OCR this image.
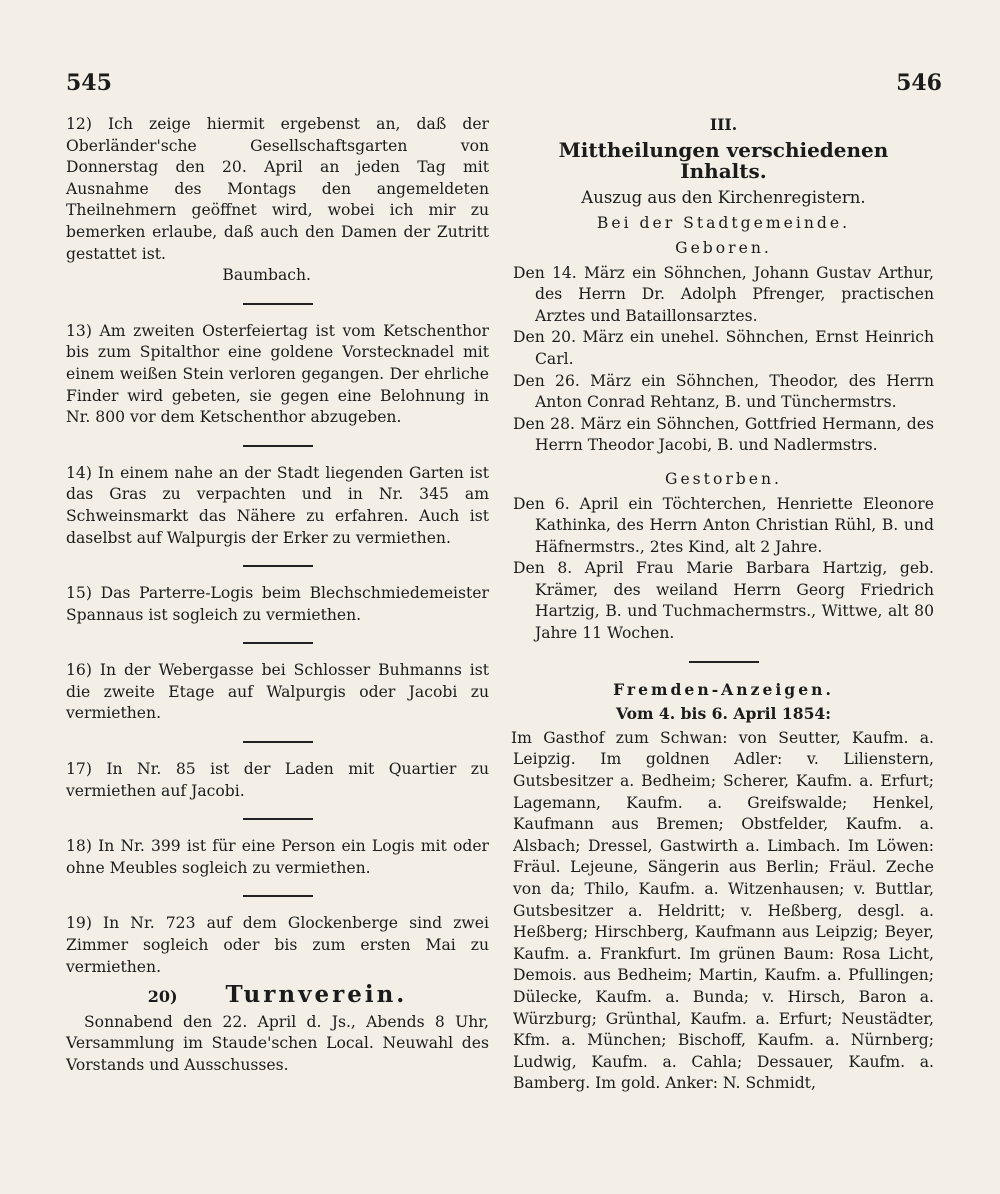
545	546
12) Ich zeige hiermit ergebenst an, daß der Oberländer'sche Gesellschaftsgarten von Donnerstag den 20. April an jeden Tag mit Ausnahme des Montags den angemeldeten Theilnehmern geöffnet wird, wobei ich mir zu bemerken erlaube, daß auch den Damen der Zutritt gestattet ist.
Baumbach.
13) Am zweiten Osterfeiertag ist vom Ketschenthor bis zum Spitalthor eine goldene Vorstecknadel mit einem weißen Stein verloren gegangen. Der ehrliche Finder wird gebeten, sie gegen eine Belohnung in Nr. 800 vor dem Ketschenthor abzugeben.
14) In einem nahe an der Stadt liegenden Garten ist das Gras zu verpachten und in Nr. 345 am Schweinsmarkt das Nähere zu erfahren. Auch ist daselbst auf Walpurgis der Erker zu vermiethen.
15) Das Parterre-Logis beim Blechschmiedemeister Spannaus ist sogleich zu vermiethen.
16) In der Webergasse bei Schlosser Buhmanns ist die zweite Etage auf Walpurgis oder Jacobi zu vermiethen.
17) In Nr. 85 ist der Laden mit Quartier zu vermiethen auf Jacobi.
18) In Nr. 399 ist für eine Person ein Logis mit oder ohne Meubles sogleich zu vermiethen.
19) In Nr. 723 auf dem Glockenberge sind zwei Zimmer sogleich oder bis zum ersten Mai zu vermiethen.
20) Turnverein.

Sonnabend den 22. April d. Js., Abends 8 Uhr, Versammlung im Staude'schen Local. Neuwahl des Vorstands und Ausschusses.

III.
Mittheilungen verschiedenen Inhalts.
Auszug aus den Kirchenregistern.
Bei der Stadtgemeinde.
Geboren.
Den 14. März ein Söhnchen, Johann Gustav Arthur, des Herrn Dr. Adolph Pfrenger, practischen Arztes und Bataillonsarztes.
Den 20. März ein unehel. Söhnchen, Ernst Heinrich Carl.
Den 26. März ein Söhnchen, Theodor, des Herrn Anton Conrad Rehtanz, B. und Tünchermstrs.
Den 28. März ein Söhnchen, Gottfried Hermann, des Herrn Theodor Jacobi, B. und Nadlermstrs.
Gestorben.
Den 6. April ein Töchterchen, Henriette Eleonore Kathinka, des Herrn Anton Christian Rühl, B. und Häfnermstrs., 2tes Kind, alt 2 Jahre.
Den 8. April Frau Marie Barbara Hartzig, geb. Krämer, des weiland Herrn Georg Friedrich Hartzig, B. und Tuchmachermstrs., Wittwe, alt 80 Jahre 11 Wochen.
Fremden-Anzeigen.
Vom 4. bis 6. April 1854:
Im Gasthof zum Schwan: von Seutter, Kaufm. a. Leipzig. Im goldnen Adler: v. Lilienstern, Gutsbesitzer a. Bedheim; Scherer, Kaufm. a. Erfurt; Lagemann, Kaufm. a. Greifswalde; Henkel, Kaufmann aus Bremen; Obstfelder, Kaufm. a. Alsbach; Dressel, Gastwirth a. Limbach. Im Löwen: Fräul. Lejeune, Sängerin aus Berlin; Fräul. Zeche von da; Thilo, Kaufm. a. Witzenhausen; v. Buttlar, Gutsbesitzer a. Heldritt; v. Heßberg, desgl. a. Heßberg; Hirschberg, Kaufmann aus Leipzig; Beyer, Kaufm. a. Frankfurt. Im grünen Baum: Rosa Licht, Demois. aus Bedheim; Martin, Kaufm. a. Pfullingen; Dülecke, Kaufm. a. Bunda; v. Hirsch, Baron a. Würzburg; Grünthal, Kaufm. a. Erfurt; Neustädter, Kfm. a. München; Bischoff, Kaufm. a. Nürnberg; Ludwig, Kaufm. a. Cahla; Dessauer, Kaufm. a. Bamberg. Im gold. Anker: N. Schmidt,
